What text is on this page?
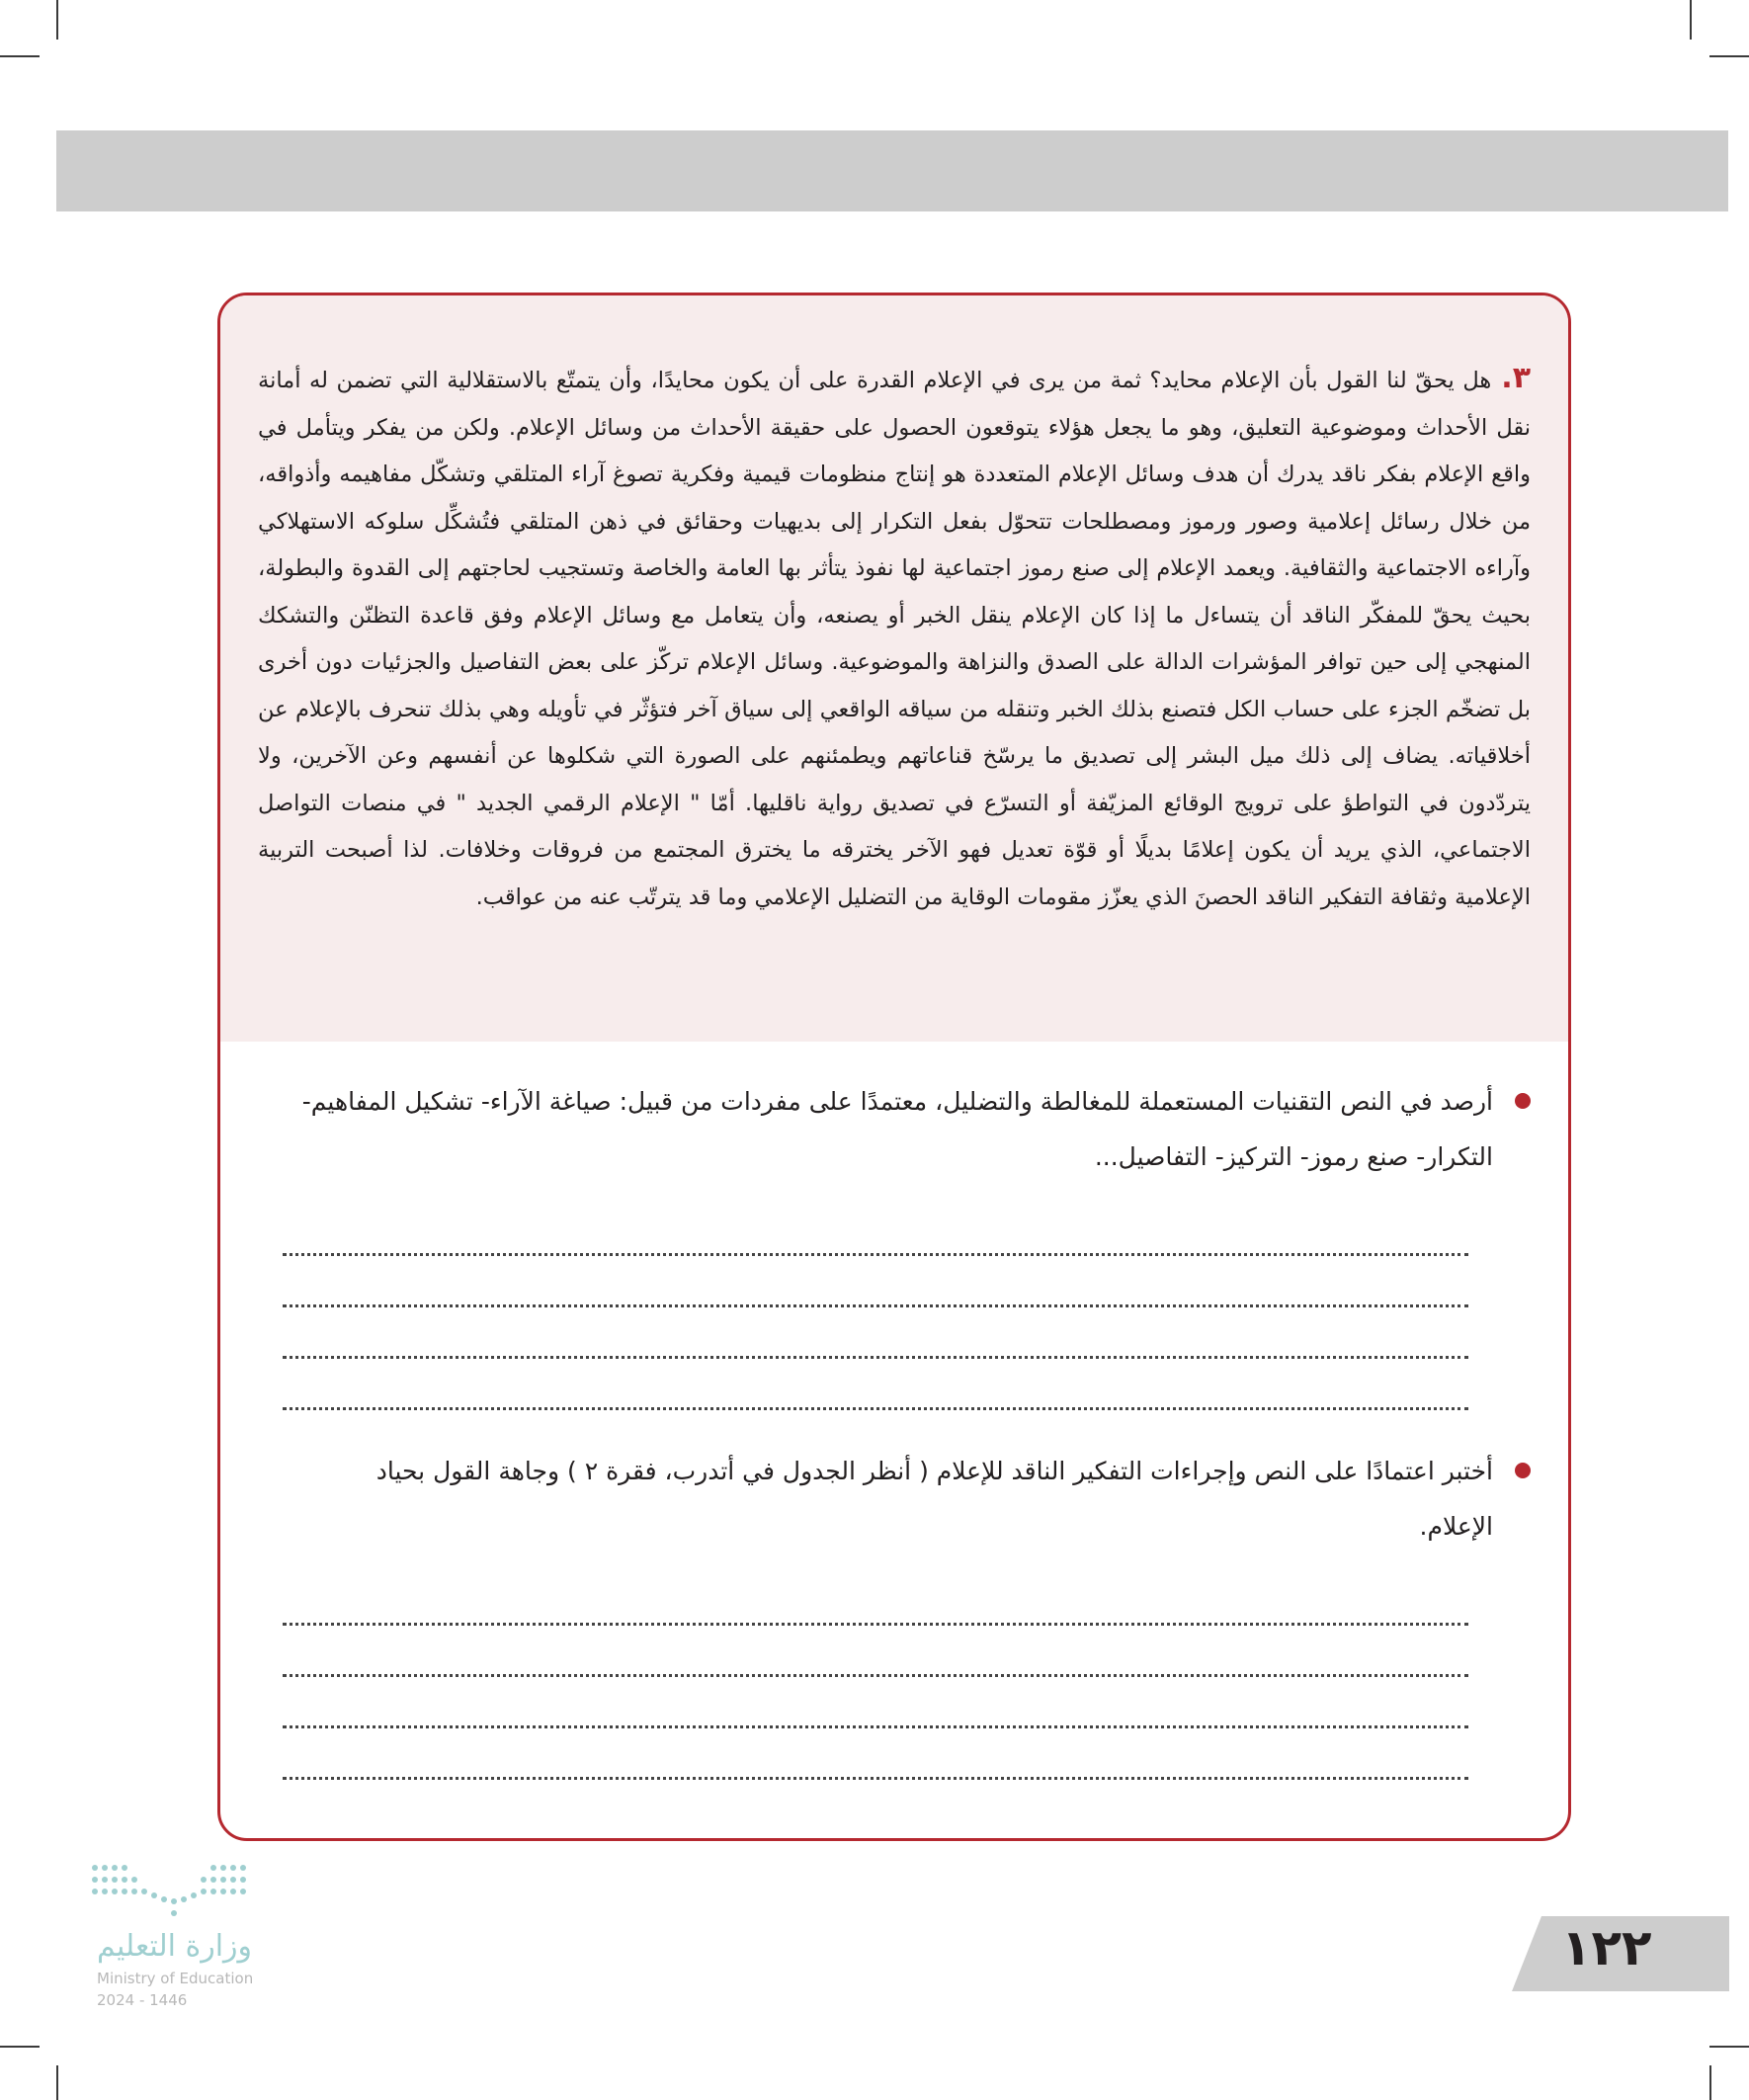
٣.هل يحقّ لنا القول بأن الإعلام محايد؟ ثمة من يرى في الإعلام القدرة على أن يكون محايدًا، وأن يتمتّع بالاستقلالية التي تضمن له أمانة نقل الأحداث وموضوعية التعليق، وهو ما يجعل هؤلاء يتوقعون الحصول على حقيقة الأحداث من وسائل الإعلام. ولكن من يفكر ويتأمل في واقع الإعلام بفكر ناقد يدرك أن هدف وسائل الإعلام المتعددة هو إنتاج منظومات قيمية وفكرية تصوغ آراء المتلقي وتشكّل مفاهيمه وأذواقه، من خلال رسائل إعلامية وصور ورموز ومصطلحات تتحوّل بفعل التكرار إلى بديهيات وحقائق في ذهن المتلقي فتُشكِّل سلوكه الاستهلاكي وآراءه الاجتماعية والثقافية. ويعمد الإعلام إلى صنع رموز اجتماعية لها نفوذ يتأثر بها العامة والخاصة وتستجيب لحاجتهم إلى القدوة والبطولة، بحيث يحقّ للمفكّر الناقد أن يتساءل ما إذا كان الإعلام ينقل الخبر أو يصنعه، وأن يتعامل مع وسائل الإعلام وفق قاعدة التظنّن والتشكك المنهجي إلى حين توافر المؤشرات الدالة على الصدق والنزاهة والموضوعية. وسائل الإعلام تركّز على بعض التفاصيل والجزئيات دون أخرى بل تضخّم الجزء على حساب الكل فتصنع بذلك الخبر وتنقله من سياقه الواقعي إلى سياق آخر فتؤثّر في تأويله وهي بذلك تنحرف بالإعلام عن أخلاقياته. يضاف إلى ذلك ميل البشر إلى تصديق ما يرسّخ قناعاتهم ويطمئنهم على الصورة التي شكلوها عن أنفسهم وعن الآخرين، ولا يتردّدون في التواطؤ على ترويج الوقائع المزيّفة أو التسرّع في تصديق رواية ناقليها. أمّا " الإعلام الرقمي الجديد " في منصات التواصل الاجتماعي، الذي يريد أن يكون إعلامًا بديلًا أو قوّة تعديل فهو الآخر يخترقه ما يخترق المجتمع من فروقات وخلافات. لذا أصبحت التربية الإعلامية وثقافة التفكير الناقد الحصنَ الذي يعزّز مقومات الوقاية من التضليل الإعلامي وما قد يترتّب عنه من عواقب.

أرصد في النص التقنيات المستعملة للمغالطة والتضليل، معتمدًا على مفردات من قبيل: صياغة الآراء- تشكيل المفاهيم- التكرار- صنع رموز- التركيز- التفاصيل...
أختبر اعتمادًا على النص وإجراءات التفكير الناقد للإعلام ( أنظر الجدول في أتدرب، فقرة ٢ ) وجاهة القول بحياد الإعلام.
وزارة التعليم
Ministry of Education
2024 - 1446
١٢٢
